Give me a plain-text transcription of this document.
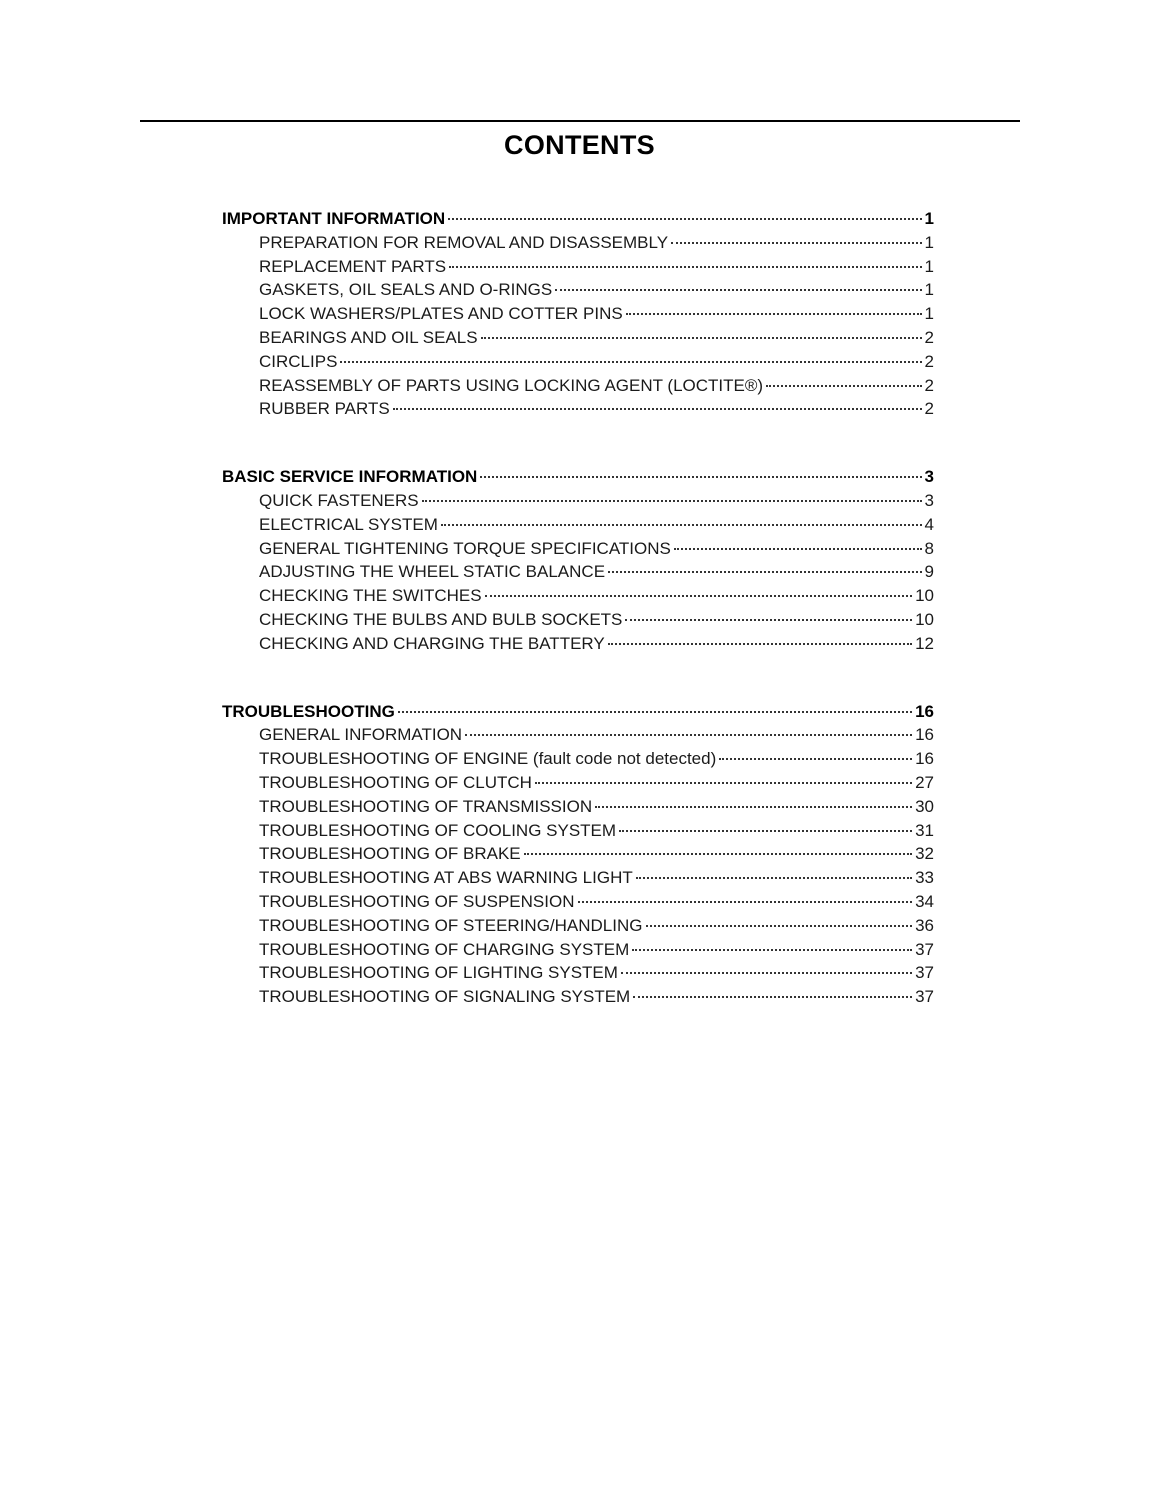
CONTENTS
IMPORTANT INFORMATION	1
PREPARATION FOR REMOVAL AND DISASSEMBLY	1
REPLACEMENT PARTS	1
GASKETS, OIL SEALS AND O-RINGS	1
LOCK WASHERS/PLATES AND COTTER PINS	1
BEARINGS AND OIL SEALS	2
CIRCLIPS	2
REASSEMBLY OF PARTS USING LOCKING AGENT (LOCTITE®)	2
RUBBER PARTS	2
BASIC SERVICE INFORMATION	3
QUICK FASTENERS	3
ELECTRICAL SYSTEM	4
GENERAL TIGHTENING TORQUE SPECIFICATIONS	8
ADJUSTING THE WHEEL STATIC BALANCE	9
CHECKING THE SWITCHES	10
CHECKING THE BULBS AND BULB SOCKETS	10
CHECKING AND CHARGING THE BATTERY	12
TROUBLESHOOTING	16
GENERAL INFORMATION	16
TROUBLESHOOTING OF ENGINE (fault code not detected)	16
TROUBLESHOOTING OF CLUTCH	27
TROUBLESHOOTING OF TRANSMISSION	30
TROUBLESHOOTING OF COOLING SYSTEM	31
TROUBLESHOOTING OF BRAKE	32
TROUBLESHOOTING AT ABS WARNING LIGHT	33
TROUBLESHOOTING OF SUSPENSION	34
TROUBLESHOOTING OF STEERING/HANDLING	36
TROUBLESHOOTING OF CHARGING SYSTEM	37
TROUBLESHOOTING OF LIGHTING SYSTEM	37
TROUBLESHOOTING OF SIGNALING SYSTEM	37
